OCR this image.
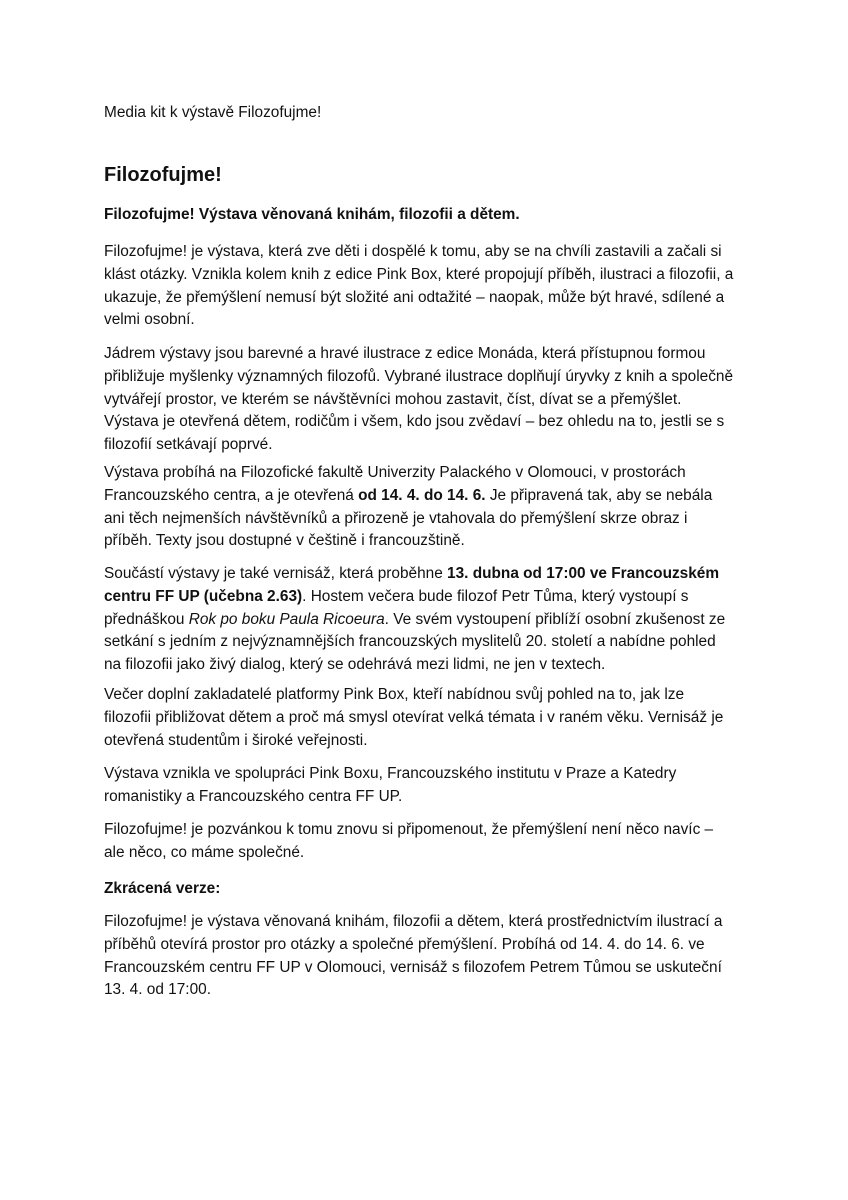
Media kit k výstavě Filozofujme!
Filozofujme!
Filozofujme! Výstava věnovaná knihám, filozofii a dětem.
Filozofujme! je výstava, která zve děti i dospělé k tomu, aby se na chvíli zastavili a začali si
klást otázky. Vznikla kolem knih z edice Pink Box, které propojují příběh, ilustraci a filozofii, a
ukazuje, že přemýšlení nemusí být složité ani odtažité – naopak, může být hravé, sdílené a
velmi osobní.
Jádrem výstavy jsou barevné a hravé ilustrace z edice Monáda, která přístupnou formou
přibližuje myšlenky významných filozofů. Vybrané ilustrace doplňují úryvky z knih a společně
vytvářejí prostor, ve kterém se návštěvníci mohou zastavit, číst, dívat se a přemýšlet.
Výstava je otevřená dětem, rodičům i všem, kdo jsou zvědaví – bez ohledu na to, jestli se s
filozofií setkávají poprvé.
Výstava probíhá na Filozofické fakultě Univerzity Palackého v Olomouci, v prostorách
Francouzského centra, a je otevřená od 14. 4. do 14. 6. Je připravená tak, aby se nebála
ani těch nejmenších návštěvníků a přirozeně je vtahovala do přemýšlení skrze obraz i
příběh. Texty jsou dostupné v češtině i francouzštině.
Součástí výstavy je také vernisáž, která proběhne 13. dubna od 17:00 ve Francouzském
centru FF UP (učebna 2.63). Hostem večera bude filozof Petr Tůma, který vystoupí s
přednáškou Rok po boku Paula Ricoeura. Ve svém vystoupení přiblíží osobní zkušenost ze
setkání s jedním z nejvýznamnějších francouzských myslitelů 20. století a nabídne pohled
na filozofii jako živý dialog, který se odehrává mezi lidmi, ne jen v textech.
Večer doplní zakladatelé platformy Pink Box, kteří nabídnou svůj pohled na to, jak lze
filozofii přibližovat dětem a proč má smysl otevírat velká témata i v raném věku. Vernisáž je
otevřená studentům i široké veřejnosti.
Výstava vznikla ve spolupráci Pink Boxu, Francouzského institutu v Praze a Katedry
romanistiky a Francouzského centra FF UP.
Filozofujme! je pozvánkou k tomu znovu si připomenout, že přemýšlení není něco navíc –
ale něco, co máme společné.
Zkrácená verze:
Filozofujme! je výstava věnovaná knihám, filozofii a dětem, která prostřednictvím ilustrací a
příběhů otevírá prostor pro otázky a společné přemýšlení. Probíhá od 14. 4. do 14. 6. ve
Francouzském centru FF UP v Olomouci, vernisáž s filozofem Petrem Tůmou se uskuteční
13. 4. od 17:00.
